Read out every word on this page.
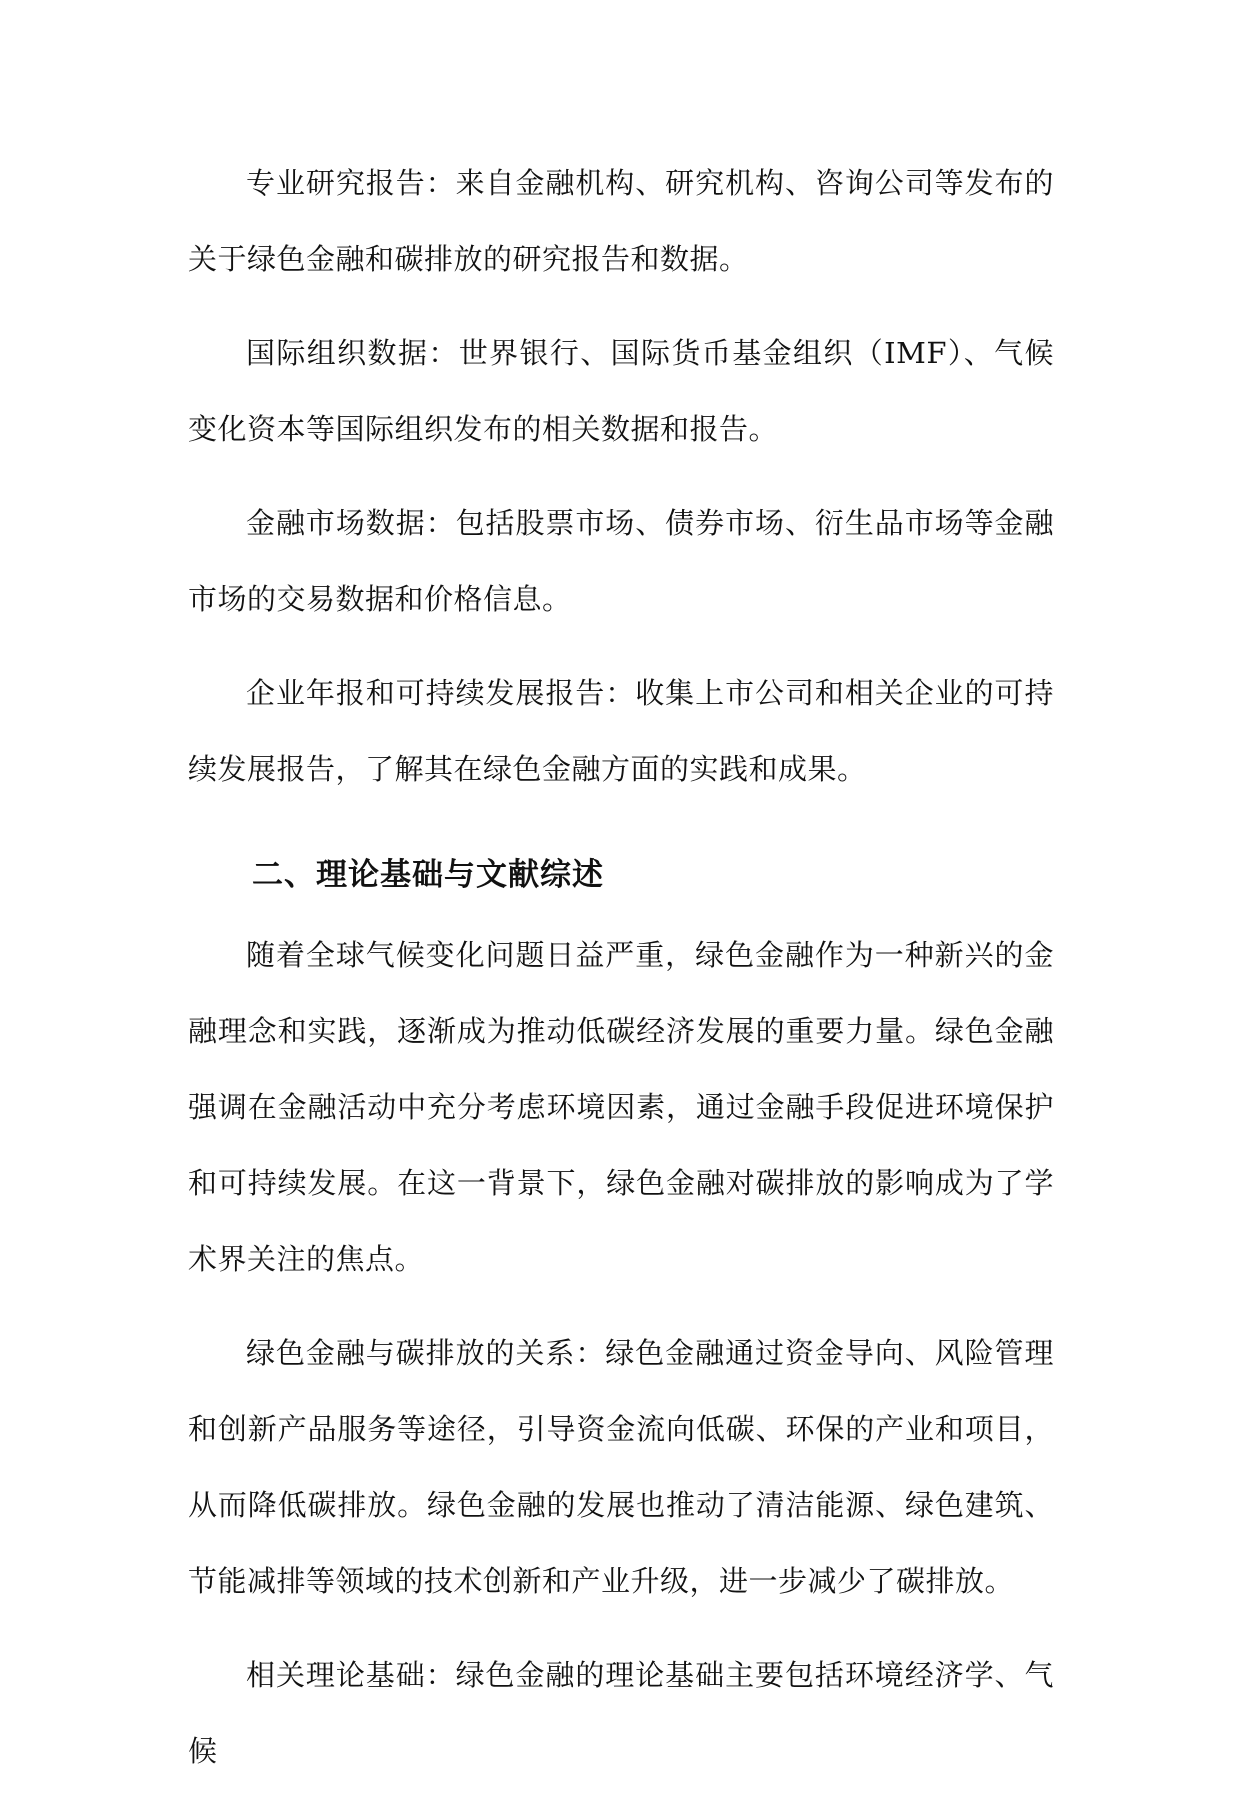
专业研究报告：来自金融机构、研究机构、咨询公司等发布的关于绿色金融和碳排放的研究报告和数据。

国际组织数据：世界银行、国际货币基金组织（IMF）、气候变化资本等国际组织发布的相关数据和报告。

金融市场数据：包括股票市场、债券市场、衍生品市场等金融市场的交易数据和价格信息。

企业年报和可持续发展报告：收集上市公司和相关企业的可持续发展报告，了解其在绿色金融方面的实践和成果。

二、理论基础与文献综述

随着全球气候变化问题日益严重，绿色金融作为一种新兴的金融理念和实践，逐渐成为推动低碳经济发展的重要力量。绿色金融强调在金融活动中充分考虑环境因素，通过金融手段促进环境保护和可持续发展。在这一背景下，绿色金融对碳排放的影响成为了学术界关注的焦点。

绿色金融与碳排放的关系：绿色金融通过资金导向、风险管理和创新产品服务等途径，引导资金流向低碳、环保的产业和项目，从而降低碳排放。绿色金融的发展也推动了清洁能源、绿色建筑、节能减排等领域的技术创新和产业升级，进一步减少了碳排放。

相关理论基础：绿色金融的理论基础主要包括环境经济学、气候
